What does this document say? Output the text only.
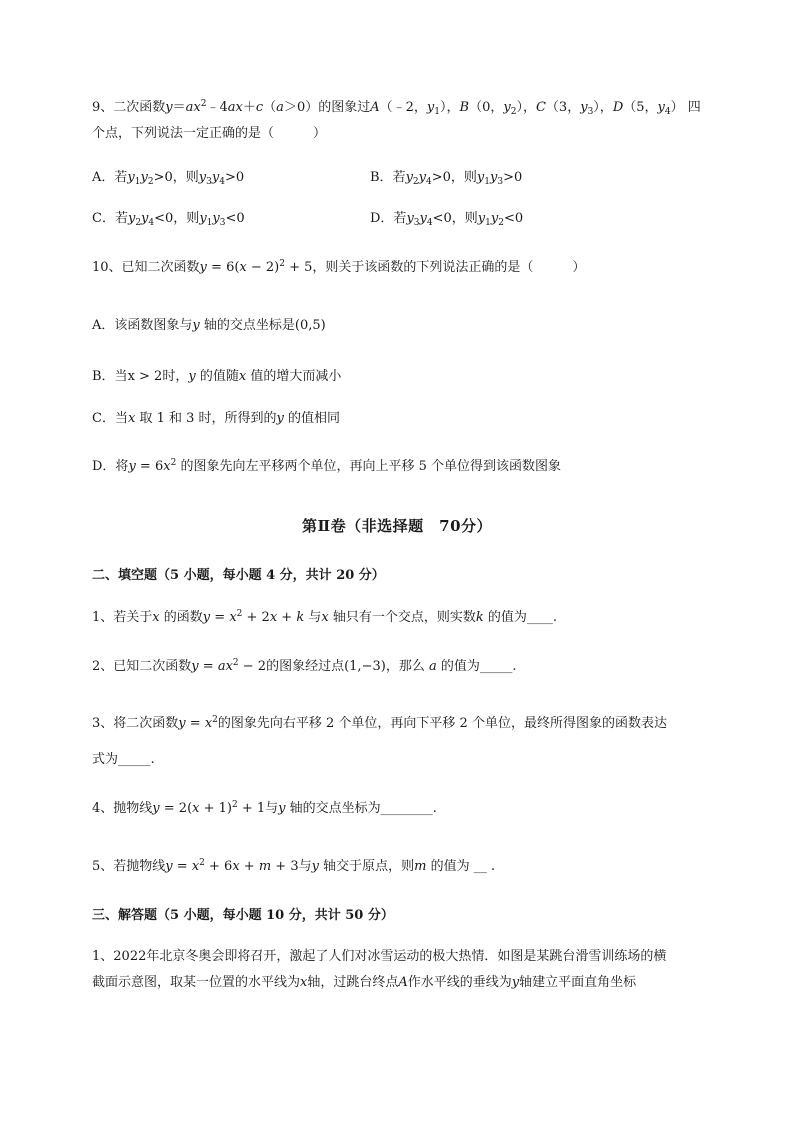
9、二次函数$y=ax^2﹣4ax+c(a>0)$的图象过A（﹣2，$y_1$），B（0，$y_2$），C（3，$y_3$），D（5，$y_4$） 四
个点，下列说法一定正确的是（　　　）
A．若$y_1y_2>0$，则$y_3y_4>0$	B．若$y_2y_4>0$，则$y_1y_3>0$
C．若$y_2y_4<0$，则$y_1y_3<0$	D．若$y_3y_4<0$，则$y_1y_2<0$
10、已知二次函数$y = 6(x - 2)^2 + 5$，则关于该函数的下列说法正确的是（　　　）
A．该函数图象与y 轴的交点坐标是(0,5)
B．当x > 2时，y 的值随x 值的增大而减小
C．当x 取 1 和 3 时，所得到的y 的值相同
D．将$y = 6x^2$ 的图象先向左平移两个单位，再向上平移 5 个单位得到该函数图象
第Ⅱ卷（非选择题　70分）
二、填空题（5 小题，每小题 4 分，共计 20 分）
1、若关于x 的函数$y = x^2 + 2x + k$ 与x 轴只有一个交点，则实数k 的值为____.
2、已知二次函数$y = ax^2 - 2$的图象经过点(1,−3)，那么 a 的值为_____.
3、将二次函数$y = x^2$的图象先向右平移 2 个单位，再向下平移 2 个单位，最终所得图象的函数表达
式为_____.
4、抛物线$y = 2(x + 1)^2 + 1$与y 轴的交点坐标为________.
5、若抛物线$y = x^2 + 6x + m + 3$与y 轴交于原点，则m 的值为 __ .
三、解答题（5 小题，每小题 10 分，共计 50 分）
1、2022年北京冬奥会即将召开，激起了人们对冰雪运动的极大热情．如图是某跳台滑雪训练场的横
截面示意图，取某一位置的水平线为x轴，过跳台终点A作水平线的垂线为y轴建立平面直角坐标
